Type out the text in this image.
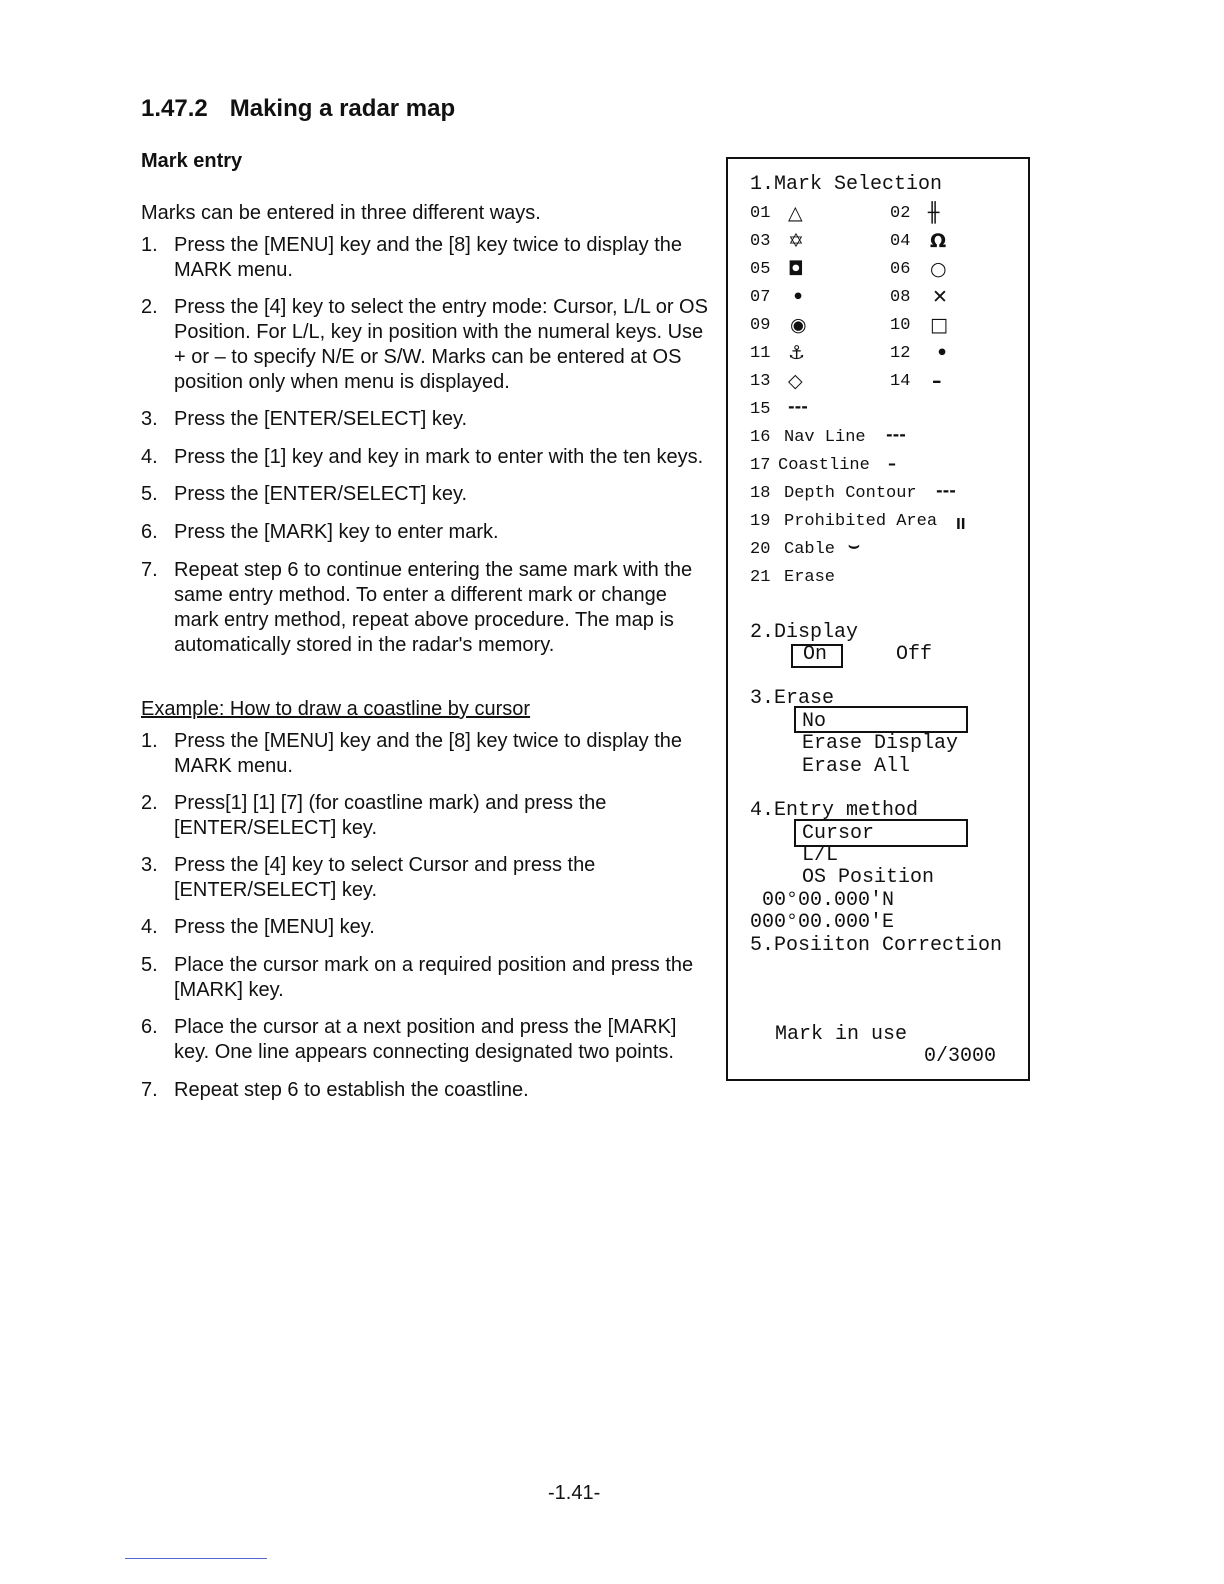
1.47.2 Making a radar map
Mark entry

Marks can be entered in three different ways.

1. Press the [MENU] key and the [8] key twice to display the MARK menu.
2. Press the [4] key to select the entry mode: Cursor, L/L or OS Position. For L/L, key in position with the numeral keys. Use + or – to specify N/E or S/W. Marks can be entered at OS position only when menu is displayed.
3. Press the [ENTER/SELECT] key.
4. Press the [1] key and key in mark to enter with the ten keys.
5. Press the [ENTER/SELECT] key.
6. Press the [MARK] key to enter mark.
7. Repeat step 6 to continue entering the same mark with the same entry method. To enter a different mark or change mark entry method, repeat above procedure. The map is automatically stored in the radar's memory.

Example: How to draw a coastline by cursor

1. Press the [MENU] key and the [8] key twice to display the MARK menu.
2. Press[1] [1] [7] (for coastline mark) and press the [ENTER/SELECT] key.
3. Press the [4] key to select Cursor and press the [ENTER/SELECT] key.
4. Press the [MENU] key.
5. Place the cursor mark on a required position and press the [MARK] key.
6. Place the cursor at a next position and press the [MARK] key. One line appears connecting designated two points.
7. Repeat step 6 to establish the coastline.
1.Mark Selection
01 △	02 ╫
03 ✡	04 Ω
05 ◘	06 ○
07 •	08 ✕
09 ◉	10 □
11 ⚓	12 •
13 ◇	14 –
15 ---
16 Nav Line ---
17 Coastline –
18 Depth Contour ---
19 Prohibited Area ꞁꞁ
20 Cable ⌣
21 Erase
2.Display
On	Off
3.Erase
No
Erase Display
Erase All
4.Entry method
Cursor
L/L
OS Position
00°00.000'N
000°00.000'E
5.Posiiton Correction
Mark in use
0/3000
-1.41-
